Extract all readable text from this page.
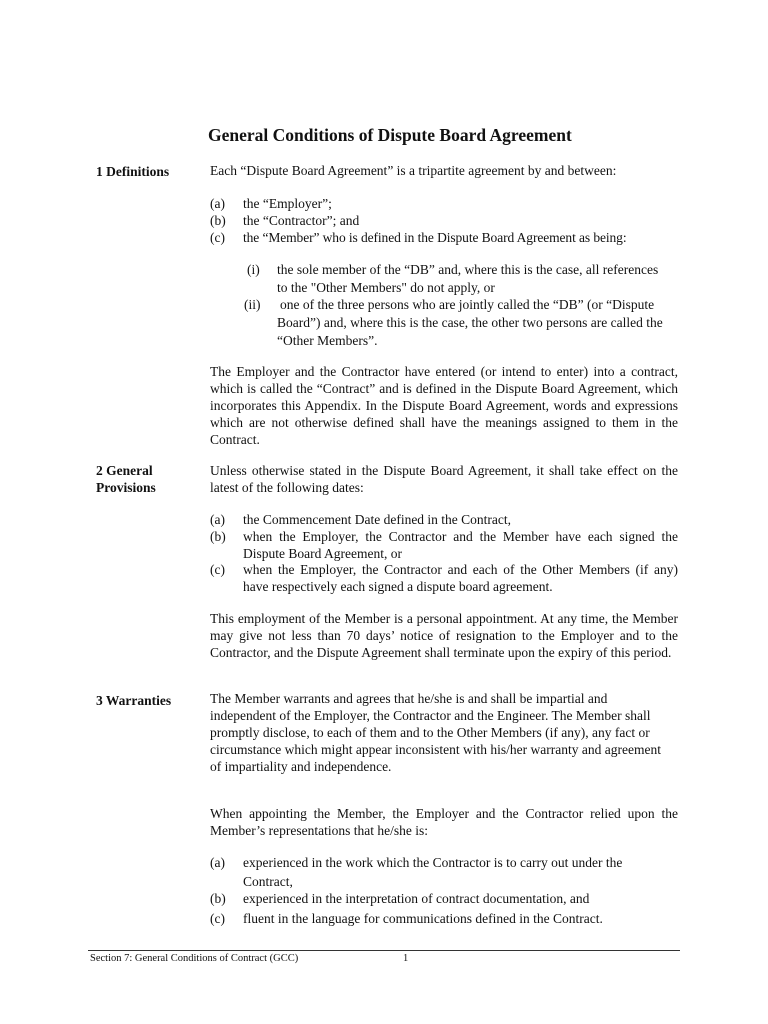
General Conditions of Dispute Board Agreement
1 Definitions	Each “Dispute Board Agreement” is a tripartite agreement by and between:
(a) the “Employer”;
(b) the “Contractor”; and
(c) the “Member” who is defined in the Dispute Board Agreement as being:
(i) the sole member of the “DB” and, where this is the case, all references
to the "Other Members" do not apply, or
(ii) one of the three persons who are jointly called the “DB” (or “Dispute
Board”) and, where this is the case, the other two persons are called the
“Other Members”.

The Employer and the Contractor have entered (or intend to enter) into a contract, which is called the “Contract” and is defined in the Dispute Board Agreement, which incorporates this Appendix. In the Dispute Board Agreement, words and expressions which are not otherwise defined shall have the meanings assigned to them in the Contract.

2 General
Provisions

Unless otherwise stated in the Dispute Board Agreement, it shall take effect on the latest of the following dates:

(a) the Commencement Date defined in the Contract,
(b) when the Employer, the Contractor and the Member have each signed the Dispute Board Agreement, or

(c) when the Employer, the Contractor and each of the Other Members (if any) have respectively each signed a dispute board agreement.

This employment of the Member is a personal appointment. At any time, the Member may give not less than 70 days’ notice of resignation to the Employer and to the Contractor, and the Dispute Agreement shall terminate upon the expiry of this period.

3 Warranties	The Member warrants and agrees that he/she is and shall be impartial and
independent of the Employer, the Contractor and the Engineer. The Member shall
promptly disclose, to each of them and to the Other Members (if any), any fact or
circumstance which might appear inconsistent with his/her warranty and agreement
of impartiality and independence.

When appointing the Member, the Employer and the Contractor relied upon the Member’s representations that he/she is:

(a) experienced in the work which the Contractor is to carry out under the
Contract,
(b) experienced in the interpretation of contract documentation, and
(c) fluent in the language for communications defined in the Contract.
Section 7: General Conditions of Contract (GCC)	1
